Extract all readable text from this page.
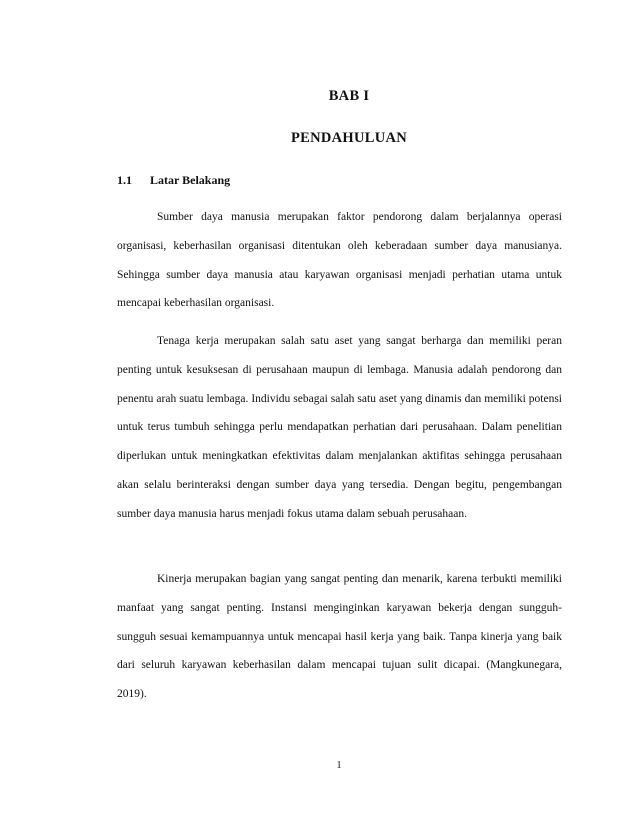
BAB I
PENDAHULUAN
1.1 Latar Belakang

Sumber daya manusia merupakan faktor pendorong dalam berjalannya operasi organisasi, keberhasilan organisasi ditentukan oleh keberadaan sumber daya manusianya. Sehingga sumber daya manusia atau karyawan organisasi menjadi perhatian utama untuk mencapai keberhasilan organisasi.

Tenaga kerja merupakan salah satu aset yang sangat berharga dan memiliki peran penting untuk kesuksesan di perusahaan maupun di lembaga. Manusia adalah pendorong dan penentu arah suatu lembaga. Individu sebagai salah satu aset yang dinamis dan memiliki potensi untuk terus tumbuh sehingga perlu mendapatkan perhatian dari perusahaan. Dalam penelitian diperlukan untuk meningkatkan efektivitas dalam menjalankan aktifitas sehingga perusahaan akan selalu berinteraksi dengan sumber daya yang tersedia. Dengan begitu, pengembangan sumber daya manusia harus menjadi fokus utama dalam sebuah perusahaan.

Kinerja merupakan bagian yang sangat penting dan menarik, karena terbukti memiliki manfaat yang sangat penting. Instansi menginginkan karyawan bekerja dengan sungguh-sungguh sesuai kemampuannya untuk mencapai hasil kerja yang baik. Tanpa kinerja yang baik dari seluruh karyawan keberhasilan dalam mencapai tujuan sulit dicapai. (Mangkunegara, 2019).

1
